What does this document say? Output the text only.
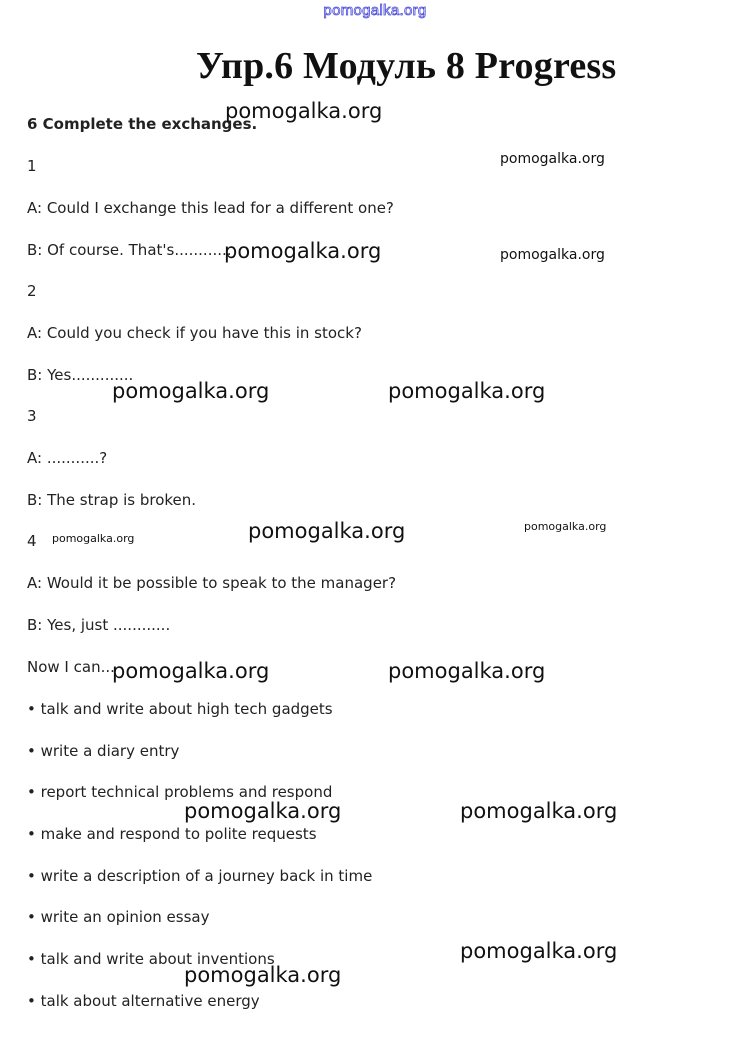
pomogalka.org
Упр.6 Модуль 8 Progress
6 Complete the exchanges.
1
A: Could I exchange this lead for a different one?
B: Of course. That's............
2
A: Could you check if you have this in stock?
B: Yes.............
3
A: ...........?
B: The strap is broken.
4
A: Would it be possible to speak to the manager?
B: Yes, just ............
Now I can...
• talk and write about high tech gadgets
• write a diary entry
• report technical problems and respond
• make and respond to polite requests
• write a description of a journey back in time
• write an opinion essay
• talk and write about inventions
• talk about alternative energy
pomogalka.org
pomogalka.org
pomogalka.org	pomogalka.org
pomogalka.org	pomogalka.org
pomogalka.org	pomogalka.org
pomogalka.org
pomogalka.org	pomogalka.org
pomogalka.org	pomogalka.org
pomogalka.org
pomogalka.org
